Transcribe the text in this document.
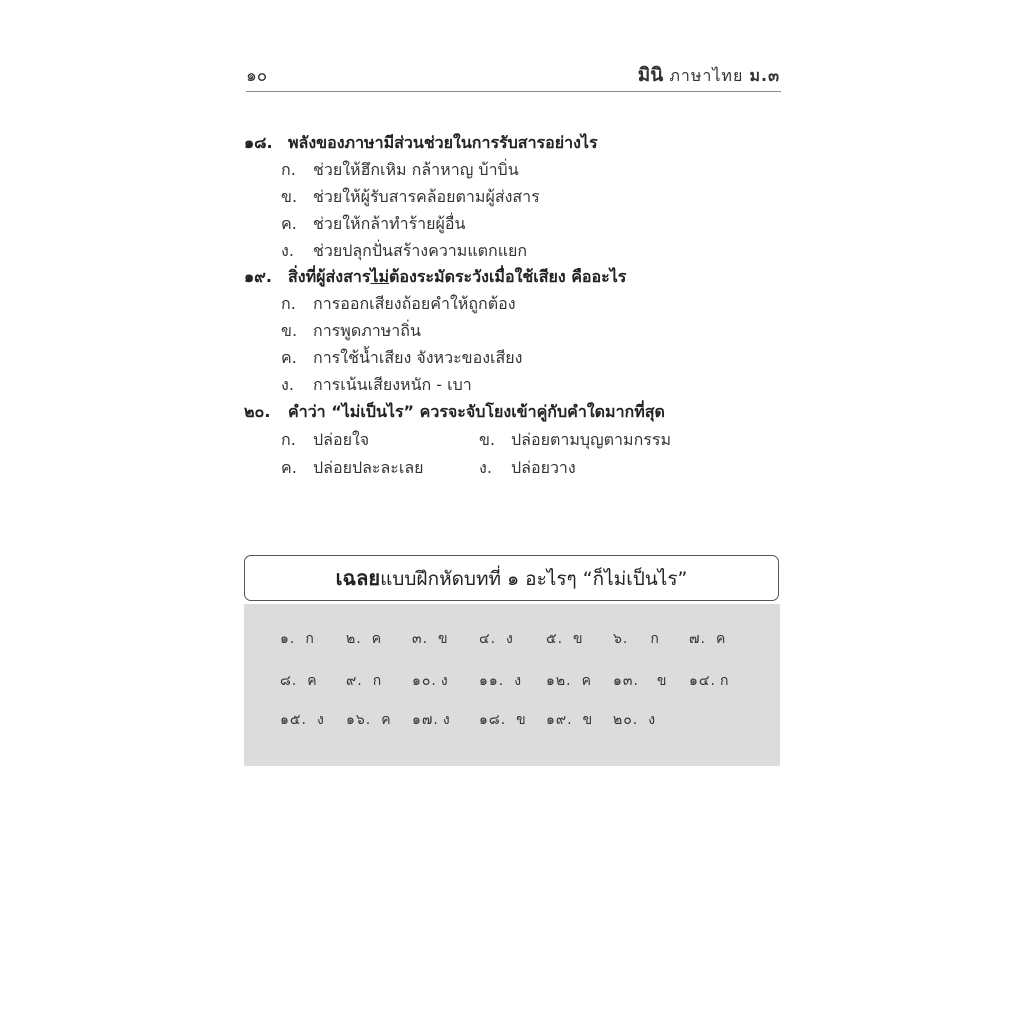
๑๐	มินิ ภาษาไทย ม.๓
๑๘. พลังของภาษามีส่วนช่วยในการรับสารอย่างไร
ก. ช่วยให้ฮึกเหิม กล้าหาญ บ้าบิ่น
ข. ช่วยให้ผู้รับสารคล้อยตามผู้ส่งสาร
ค. ช่วยให้กล้าทำร้ายผู้อื่น
ง. ช่วยปลุกปั่นสร้างความแตกแยก
๑๙. สิ่งที่ผู้ส่งสารไม่ต้องระมัดระวังเมื่อใช้เสียง คืออะไร
ก. การออกเสียงถ้อยคำให้ถูกต้อง
ข. การพูดภาษาถิ่น
ค. การใช้น้ำเสียง จังหวะของเสียง
ง. การเน้นเสียงหนัก - เบา
๒๐. คำว่า “ไม่เป็นไร” ควรจะจับโยงเข้าคู่กับคำใดมากที่สุด
ก. ปล่อยใจ	ข. ปล่อยตามบุญตามกรรม
ค. ปล่อยปละละเลย	ง. ปล่อยวาง
เฉลยแบบฝึกหัดบทที่ ๑ อะไรๆ “ก็ไม่เป็นไร”
๑. ก ๒. ค ๓. ข ๔. ง ๕. ข ๖. ก ๗. ค
๘. ค ๙. ก ๑๐. ง ๑๑. ง ๑๒. ค ๑๓. ข ๑๔. ก
๑๕. ง ๑๖. ค ๑๗. ง ๑๘. ข ๑๙. ข ๒๐. ง
